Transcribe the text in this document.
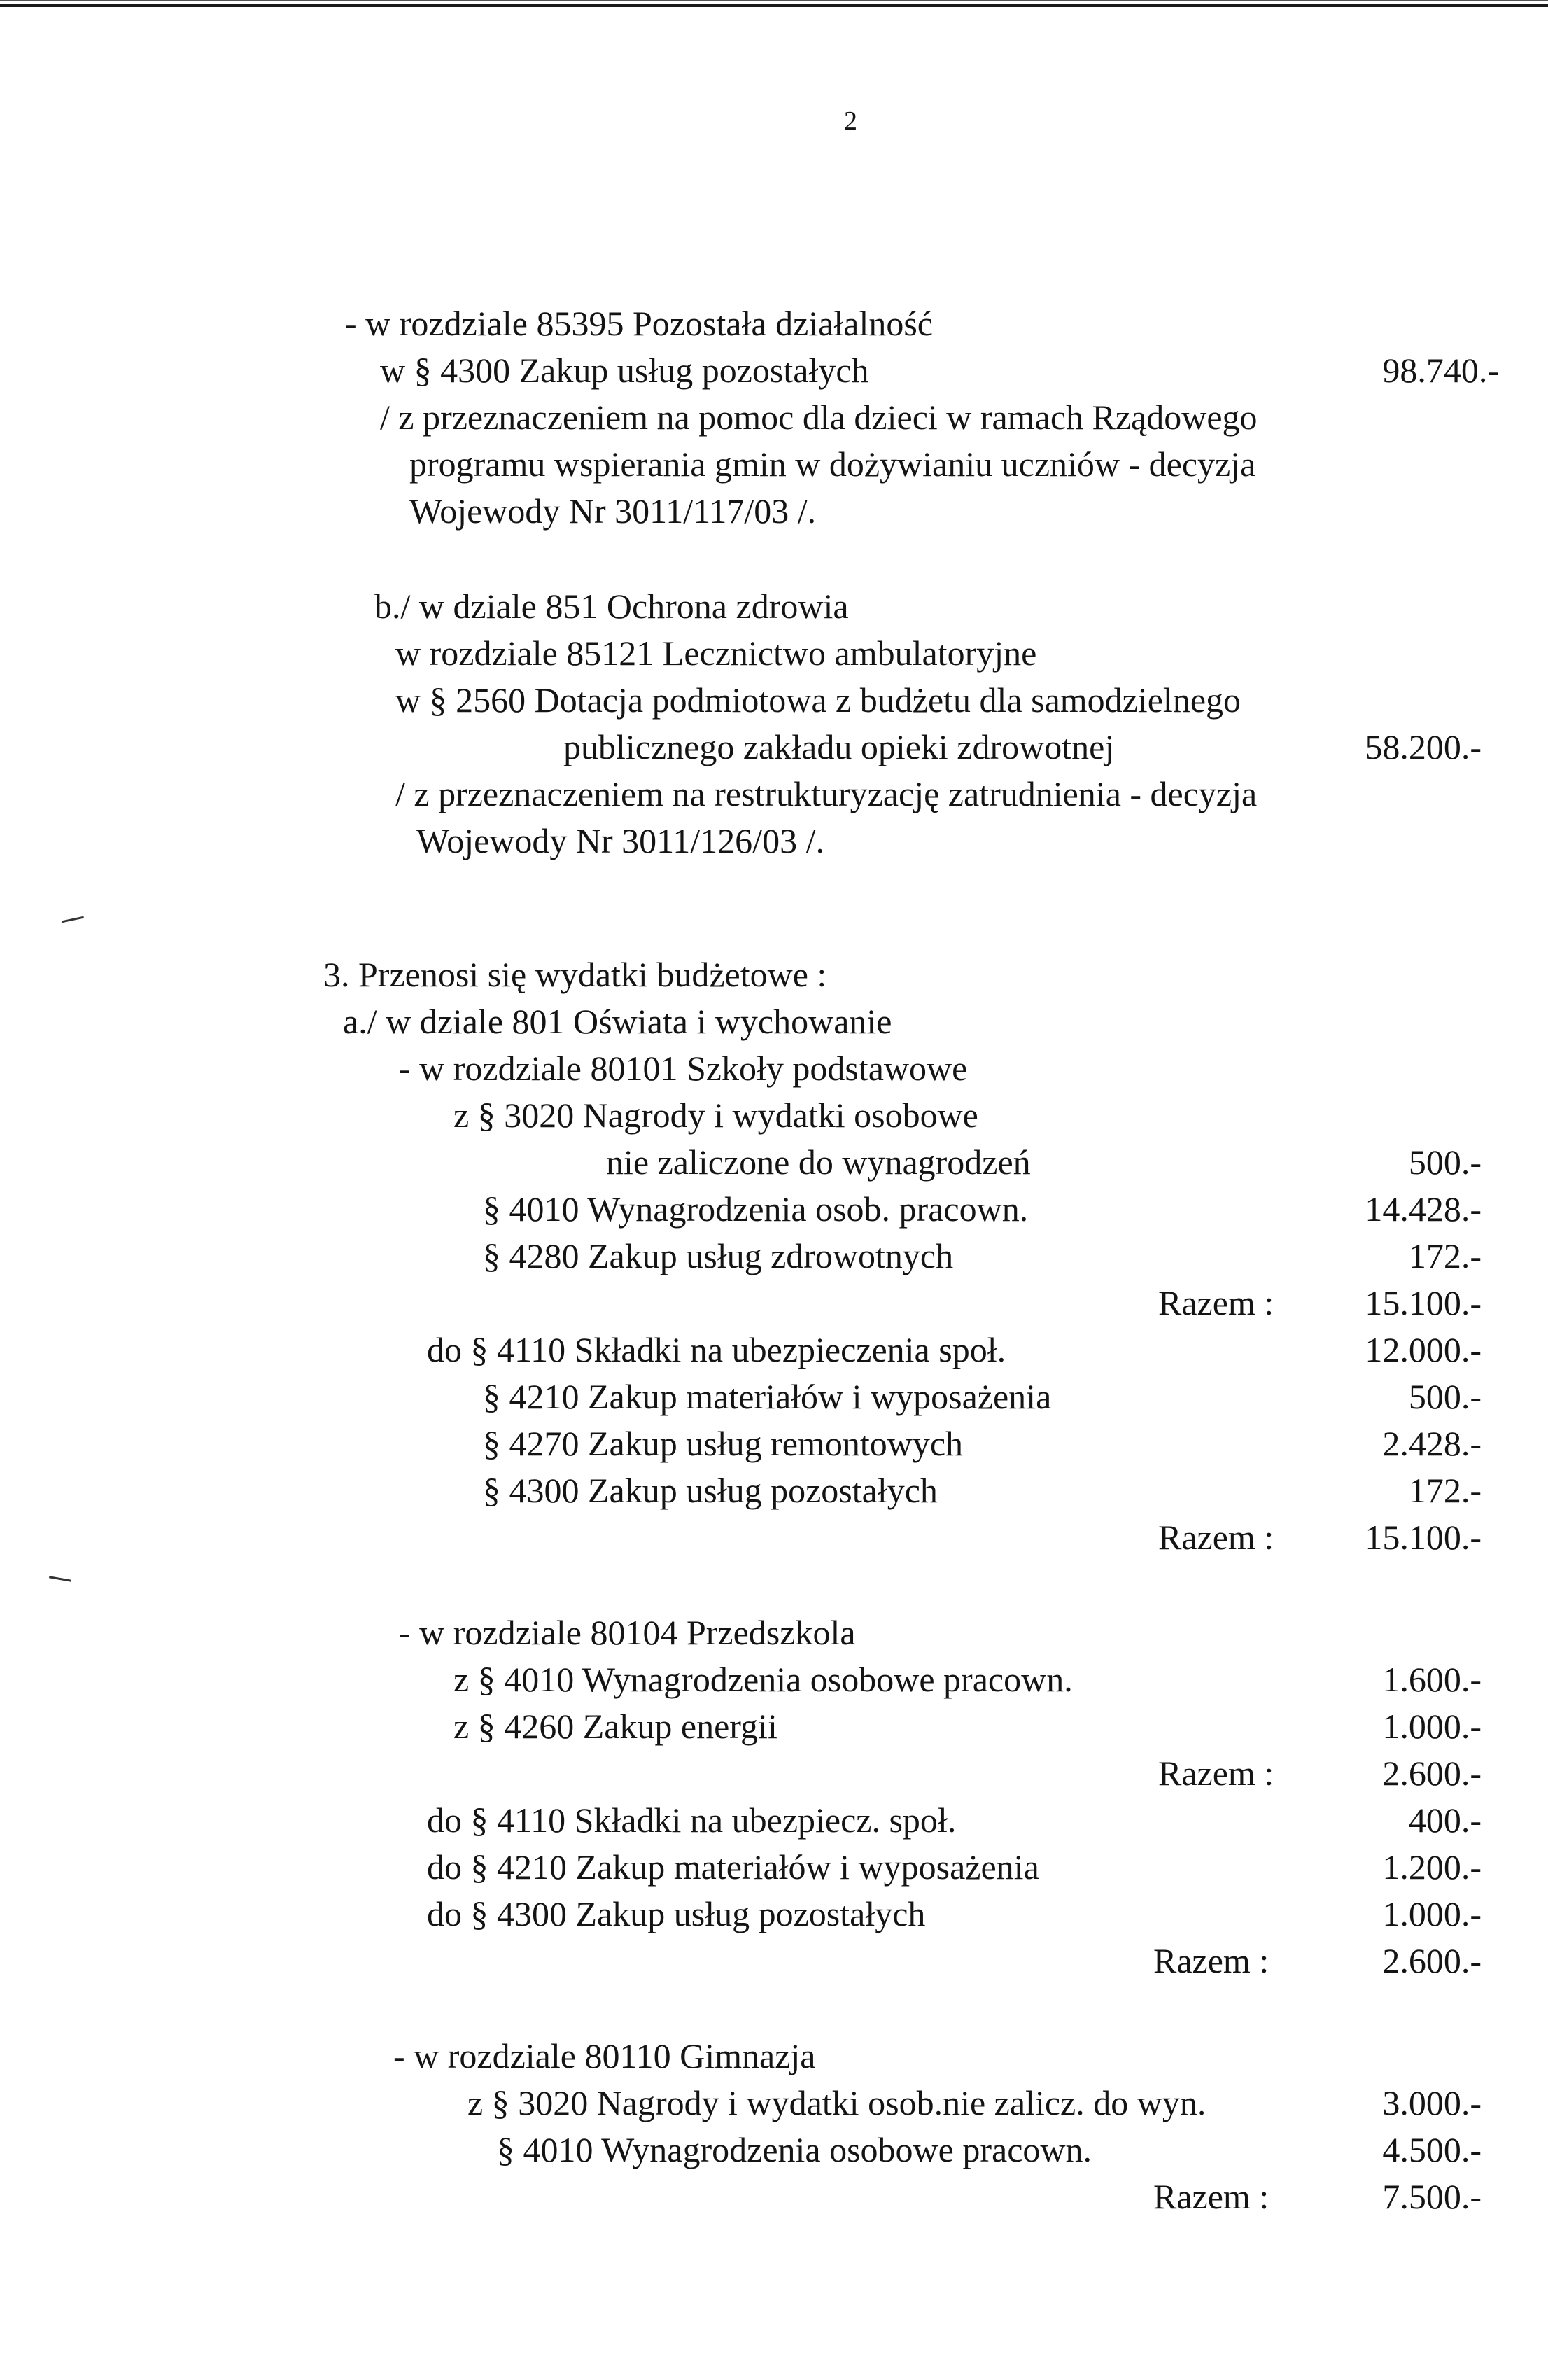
2
- w rozdziale 85395 Pozostała działalność
w § 4300 Zakup usług pozostałych	98.740.-
/ z przeznaczeniem na pomoc dla dzieci w ramach Rządowego
programu wspierania gmin w dożywianiu uczniów - decyzja
Wojewody Nr 3011/117/03 /.
b./ w dziale 851 Ochrona zdrowia
w rozdziale 85121 Lecznictwo ambulatoryjne
w § 2560 Dotacja podmiotowa z budżetu dla samodzielnego
publicznego zakładu opieki zdrowotnej	58.200.-
/ z przeznaczeniem na restrukturyzację zatrudnienia - decyzja
Wojewody Nr 3011/126/03 /.
3. Przenosi się wydatki budżetowe :
a./ w dziale 801 Oświata i wychowanie
- w rozdziale 80101 Szkoły podstawowe
z § 3020 Nagrody i wydatki osobowe
nie zaliczone do wynagrodzeń	500.-
§ 4010 Wynagrodzenia osob. pracown.	14.428.-
§ 4280 Zakup usług zdrowotnych	172.-
Razem :	15.100.-
do § 4110 Składki na ubezpieczenia społ.	12.000.-
§ 4210 Zakup materiałów i wyposażenia	500.-
§ 4270 Zakup usług remontowych	2.428.-
§ 4300 Zakup usług pozostałych	172.-
Razem :	15.100.-
- w rozdziale 80104 Przedszkola
z § 4010 Wynagrodzenia osobowe pracown.	1.600.-
z § 4260 Zakup energii	1.000.-
Razem :	2.600.-
do § 4110 Składki na ubezpiecz. społ.	400.-
do § 4210 Zakup materiałów i wyposażenia	1.200.-
do § 4300 Zakup usług pozostałych	1.000.-
Razem :	2.600.-
- w rozdziale 80110 Gimnazja
z § 3020 Nagrody i wydatki osob.nie zalicz. do wyn.	3.000.-
§ 4010 Wynagrodzenia osobowe pracown.	4.500.-
Razem :	7.500.-
